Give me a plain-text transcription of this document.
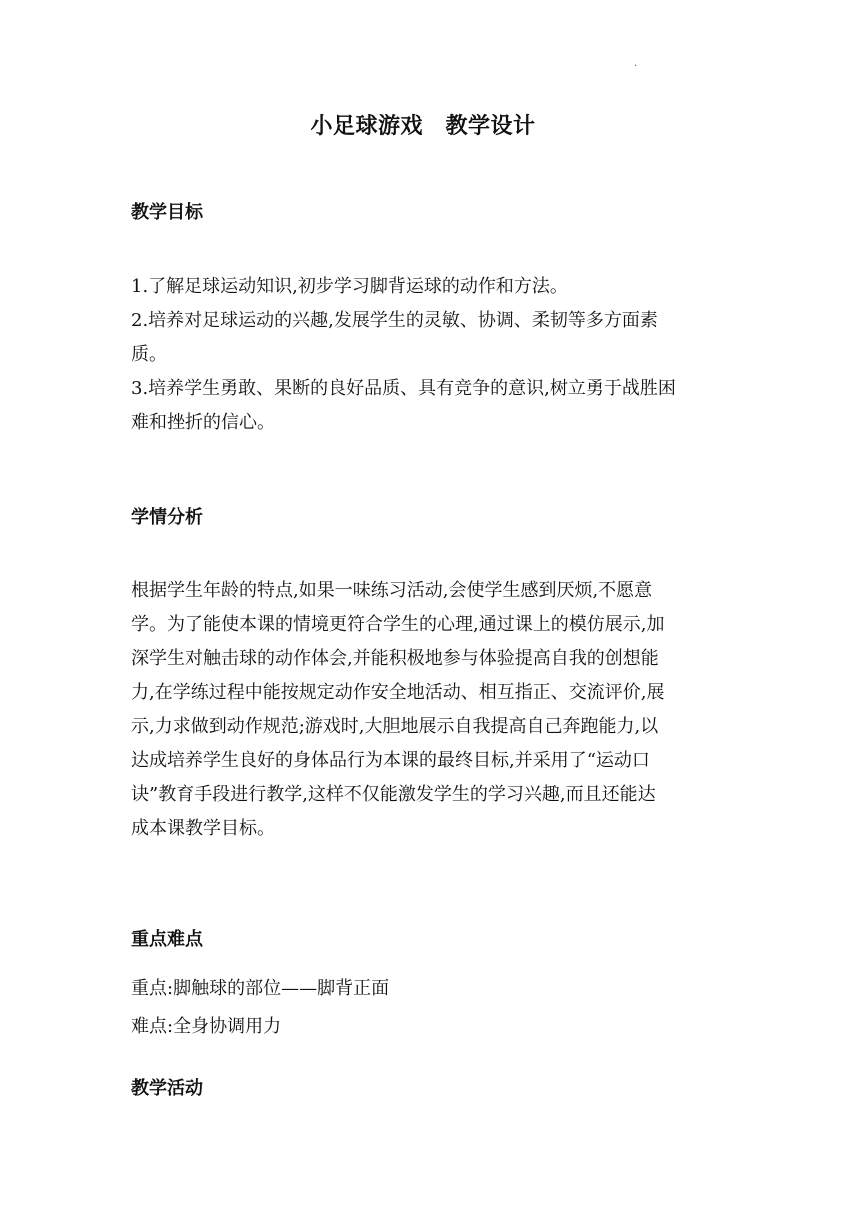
.
小足球游戏　教学设计
教学目标
1.了解足球运动知识,初步学习脚背运球的动作和方法。
2.培养对足球运动的兴趣,发展学生的灵敏、协调、柔韧等多方面素
质。
3.培养学生勇敢、果断的良好品质、具有竞争的意识,树立勇于战胜困
难和挫折的信心。
学情分析
根据学生年龄的特点,如果一味练习活动,会使学生感到厌烦,不愿意
学。为了能使本课的情境更符合学生的心理,通过课上的模仿展示,加
深学生对触击球的动作体会,并能积极地参与体验提高自我的创想能
力,在学练过程中能按规定动作安全地活动、相互指正、交流评价,展
示,力求做到动作规范;游戏时,大胆地展示自我提高自己奔跑能力,以
达成培养学生良好的身体品行为本课的最终目标,并采用了“运动口
诀”教育手段进行教学,这样不仅能激发学生的学习兴趣,而且还能达
成本课教学目标。
重点难点
重点:脚触球的部位——脚背正面
难点:全身协调用力
教学活动
